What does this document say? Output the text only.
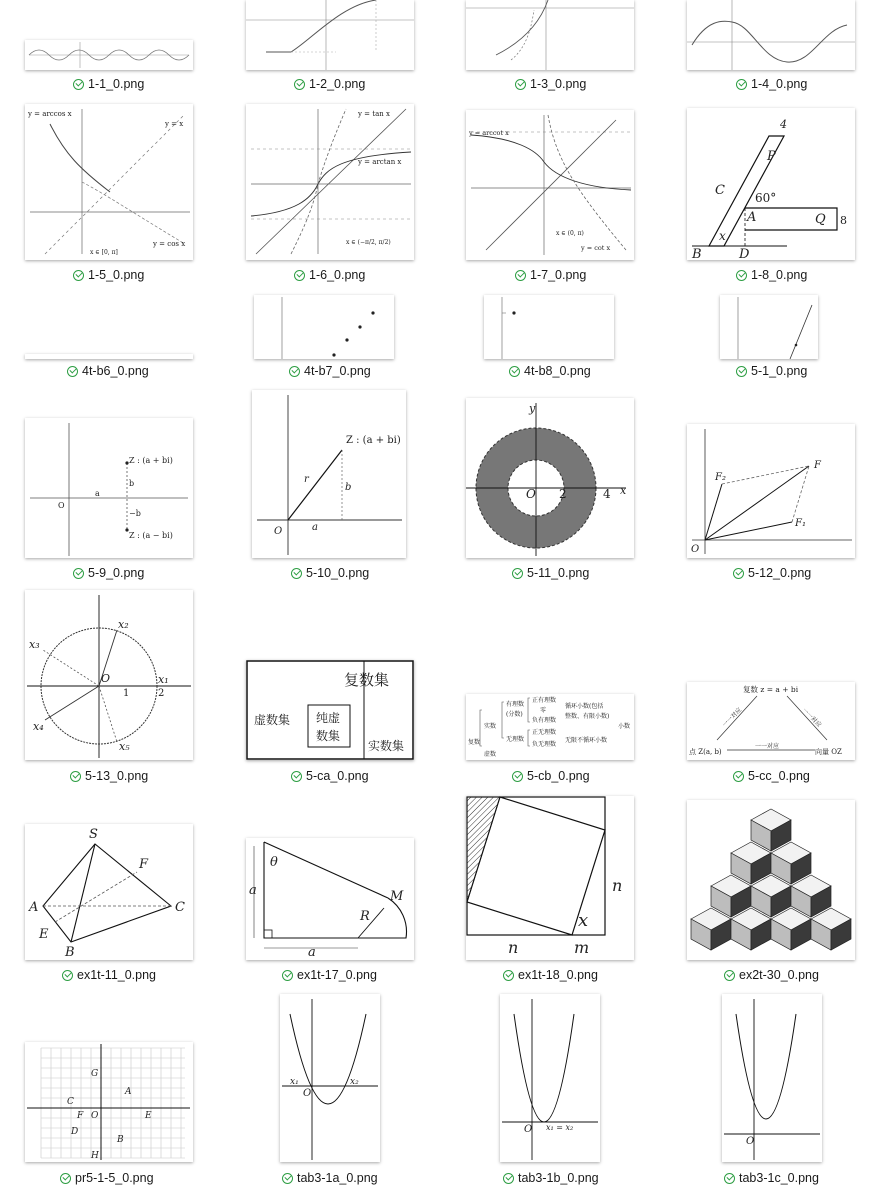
1-1_0.png	1-2_0.png	1-3_0.png	1-4_0.png
y = arccos x
y = x
y = cos x
x ∈ [0, π]
1-5_0.png
y = tan x
y = arctan x
x ∈ (−π/2, π/2)
1-6_0.png
y = arccot x
y = cot x
x ∈ (0, π)
1-7_0.png
4
P
C	60°
A	Q 8
x
B	D
1-8_0.png
4t-b6_0.png	4t-b7_0.png	4t-b8_0.png	5-1_0.png
Z : (a + bi)
Z : (a − bi)
b
−b
a
O
5-9_0.png
Z : (a + bi)
r
b
a
O
5-10_0.png
O 2	4 x
y
5-11_0.png
F₂
F
F₁
O
5-12_0.png
x₂
x₃
x₁
x₄
x₅
O
1	2
5-13_0.png
复数集
虚数集 纯虚
数集
实数集
5-ca_0.png
复数
实数
虚数
有理数
(分数)
无理数
正有理数
零
负有理数
正无理数
负无理数
循环小数(包括
整数、有限小数)
无限不循环小数
小数
5-cb_0.png
复数 z = a + bi
一一对应	一一对应
一一对应
点 Z(a, b)	向量 OZ
5-cc_0.png
S
F
A	C
E
B
ex1t-11_0.png
θ
a	M
R
a
ex1t-17_0.png
n
x
n	m
ex1t-18_0.png	ex2t-30_0.png
G
A
C
F O	E
D
B
H
pr5-1-5_0.png
x₁
O
x₂
tab3-1a_0.png
O x₁ = x₂
tab3-1b_0.png
O
tab3-1c_0.png
